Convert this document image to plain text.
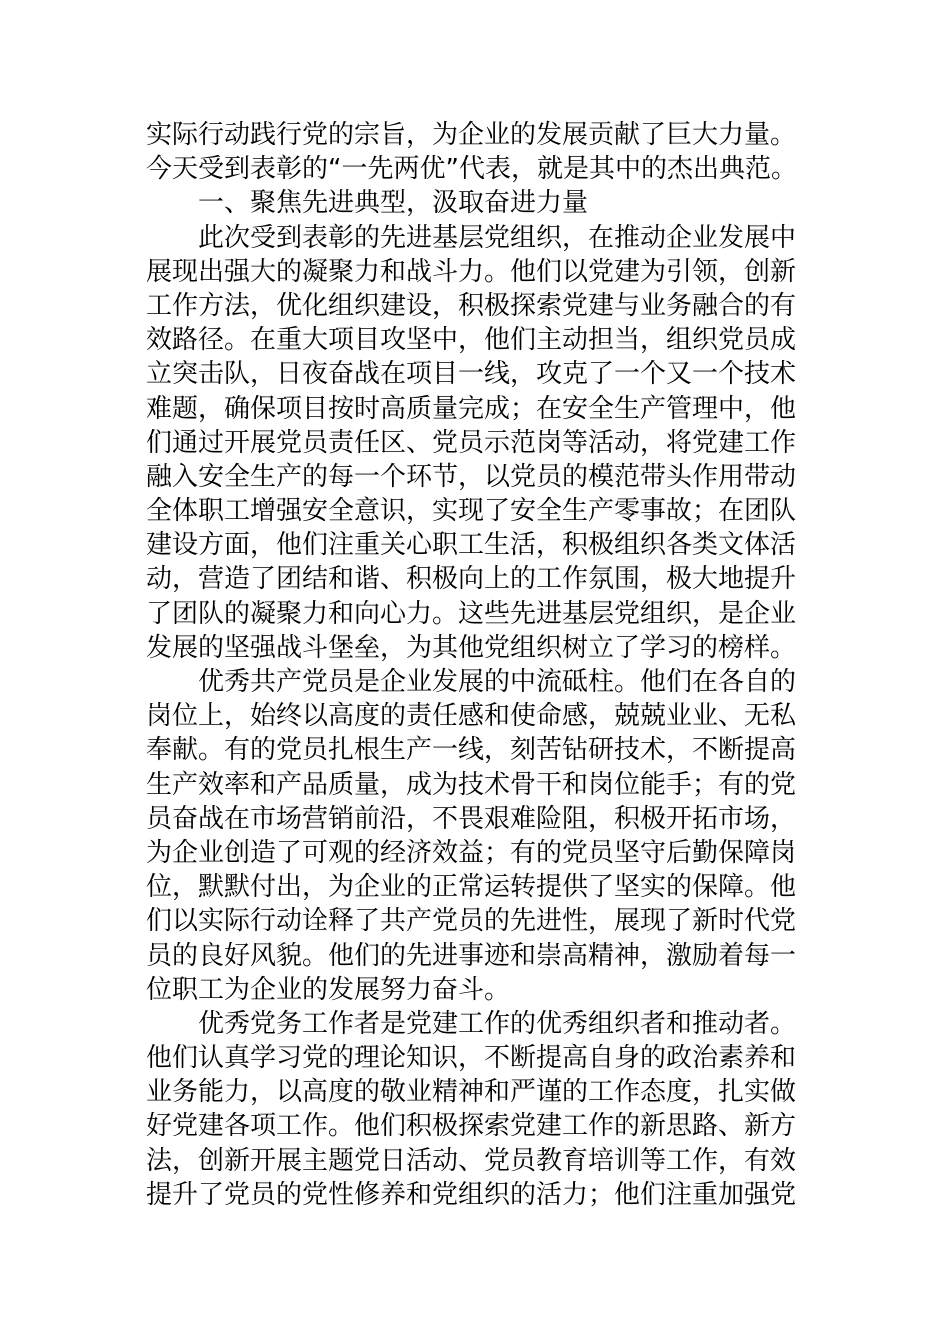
实际行动践行党的宗旨，为企业的发展贡献了巨大力量。
今天受到表彰的“一先两优”代表，就是其中的杰出典范。
一、聚焦先进典型，汲取奋进力量
此次受到表彰的先进基层党组织，在推动企业发展中
展现出强大的凝聚力和战斗力。他们以党建为引领，创新
工作方法，优化组织建设，积极探索党建与业务融合的有
效路径。在重大项目攻坚中，他们主动担当，组织党员成
立突击队，日夜奋战在项目一线，攻克了一个又一个技术
难题，确保项目按时高质量完成；在安全生产管理中，他
们通过开展党员责任区、党员示范岗等活动，将党建工作
融入安全生产的每一个环节，以党员的模范带头作用带动
全体职工增强安全意识，实现了安全生产零事故；在团队
建设方面，他们注重关心职工生活，积极组织各类文体活
动，营造了团结和谐、积极向上的工作氛围，极大地提升
了团队的凝聚力和向心力。这些先进基层党组织，是企业
发展的坚强战斗堡垒，为其他党组织树立了学习的榜样。
优秀共产党员是企业发展的中流砥柱。他们在各自的
岗位上，始终以高度的责任感和使命感，兢兢业业、无私
奉献。有的党员扎根生产一线，刻苦钻研技术，不断提高
生产效率和产品质量，成为技术骨干和岗位能手；有的党
员奋战在市场营销前沿，不畏艰难险阻，积极开拓市场，
为企业创造了可观的经济效益；有的党员坚守后勤保障岗
位，默默付出，为企业的正常运转提供了坚实的保障。他
们以实际行动诠释了共产党员的先进性，展现了新时代党
员的良好风貌。他们的先进事迹和崇高精神，激励着每一
位职工为企业的发展努力奋斗。
优秀党务工作者是党建工作的优秀组织者和推动者。
他们认真学习党的理论知识，不断提高自身的政治素养和
业务能力，以高度的敬业精神和严谨的工作态度，扎实做
好党建各项工作。他们积极探索党建工作的新思路、新方
法，创新开展主题党日活动、党员教育培训等工作，有效
提升了党员的党性修养和党组织的活力；他们注重加强党
